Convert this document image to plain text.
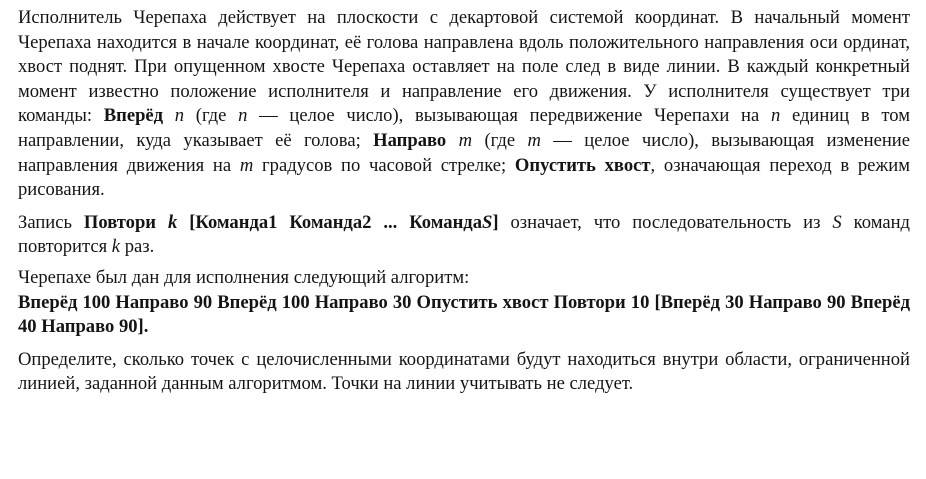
Исполнитель Черепаха действует на плоскости с декартовой системой координат. В начальный момент Черепаха находится в начале координат, её голова направлена вдоль положительного направления оси ординат, хвост поднят. При опущенном хвосте Черепаха оставляет на поле след в виде линии. В каждый конкретный момент известно положение исполнителя и направление его движения. У исполнителя существует три команды: Вперёд n (где n — целое число), вызывающая передвижение Черепахи на n единиц в том направлении, куда указывает её голова; Направо m (где m — целое число), вызывающая изменение направления движения на m градусов по часовой стрелке; Опустить хвост, означающая переход в режим рисования.

Запись Повтори k [Команда1 Команда2 ... КомандаS] означает, что последовательность из S команд повторится k раз.

Черепахе был дан для исполнения следующий алгоритм:

Вперёд 100 Направо 90 Вперёд 100 Направо 30 Опустить хвост Повтори 10 [Вперёд 30 Направо 90 Вперёд 40 Направо 90].

Определите, сколько точек с целочисленными координатами будут находиться внутри области, ограниченной линией, заданной данным алгоритмом. Точки на линии учитывать не следует.
